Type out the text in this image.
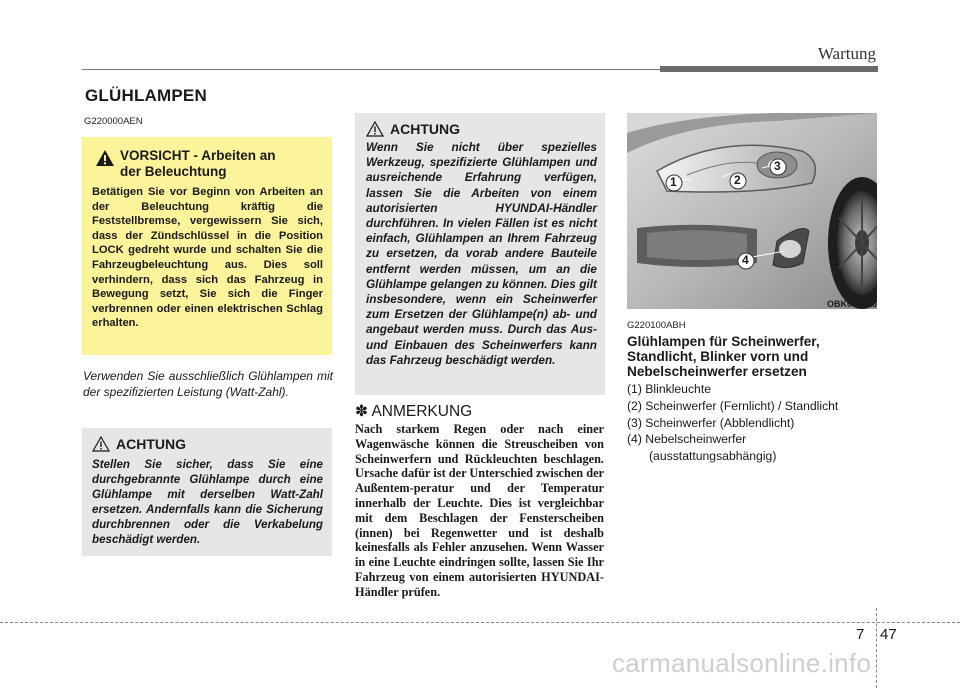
Wartung
GLÜHLAMPEN
G220000AEN
VORSICHT - Arbeiten an
der Beleuchtung
Betätigen Sie vor Beginn von Arbeiten an der Beleuchtung kräftig die Feststellbremse, vergewissern Sie sich, dass der Zündschlüssel in die Position LOCK gedreht wurde und schalten Sie die Fahrzeugbeleuchtung aus. Dies soll verhindern, dass sich das Fahrzeug in Bewegung setzt, Sie sich die Finger verbrennen oder einen elektrischen Schlag erhalten.
Verwenden Sie ausschließlich Glühlampen mit der spezifizierten Leistung (Watt-Zahl).
ACHTUNG
Stellen Sie sicher, dass Sie eine durchgebrannte Glühlampe durch eine Glühlampe mit derselben Watt-Zahl ersetzen. Andernfalls kann die Sicherung durchbrennen oder die Verkabelung beschädigt werden.
ACHTUNG
Wenn Sie nicht über spezielles Werkzeug, spezifizierte Glühlampen und ausreichende Erfahrung verfügen, lassen Sie die Arbeiten von einem autorisierten HYUNDAI-Händler durchführen. In vielen Fällen ist es nicht einfach, Glühlampen an Ihrem Fahrzeug zu ersetzen, da vorab andere Bauteile entfernt werden müssen, um an die Glühlampe gelangen zu können. Dies gilt insbesondere, wenn ein Scheinwerfer zum Ersetzen der Glühlampe(n) ab- und angebaut werden muss. Durch das Aus- und Einbauen des Scheinwerfers kann das Fahrzeug beschädigt werden.
✽ ANMERKUNG
Nach starkem Regen oder nach einer Wagenwäsche können die Streuscheiben von Scheinwerfern und Rückleuchten beschlagen. Ursache dafür ist der Unterschied zwischen der Außentem-peratur und der Temperatur innerhalb der Leuchte. Dies ist vergleichbar mit dem Beschlagen der Fensterscheiben (innen) bei Regenwetter und ist deshalb keinesfalls als Fehler anzusehen. Wenn Wasser in eine Leuchte eindringen sollte, lassen Sie Ihr Fahrzeug von einem autorisierten HYUNDAI-Händler prüfen.
1	2
3
4
OBK079026
G220100ABH
Glühlampen für Scheinwerfer, Standlicht, Blinker vorn und Nebelscheinwerfer ersetzen
(1) Blinkleuchte
(2) Scheinwerfer (Fernlicht) / Standlicht
(3) Scheinwerfer (Abblendlicht)
(4) Nebelscheinwerfer
(ausstattungsabhängig)
7 47
carmanualsonline.info
